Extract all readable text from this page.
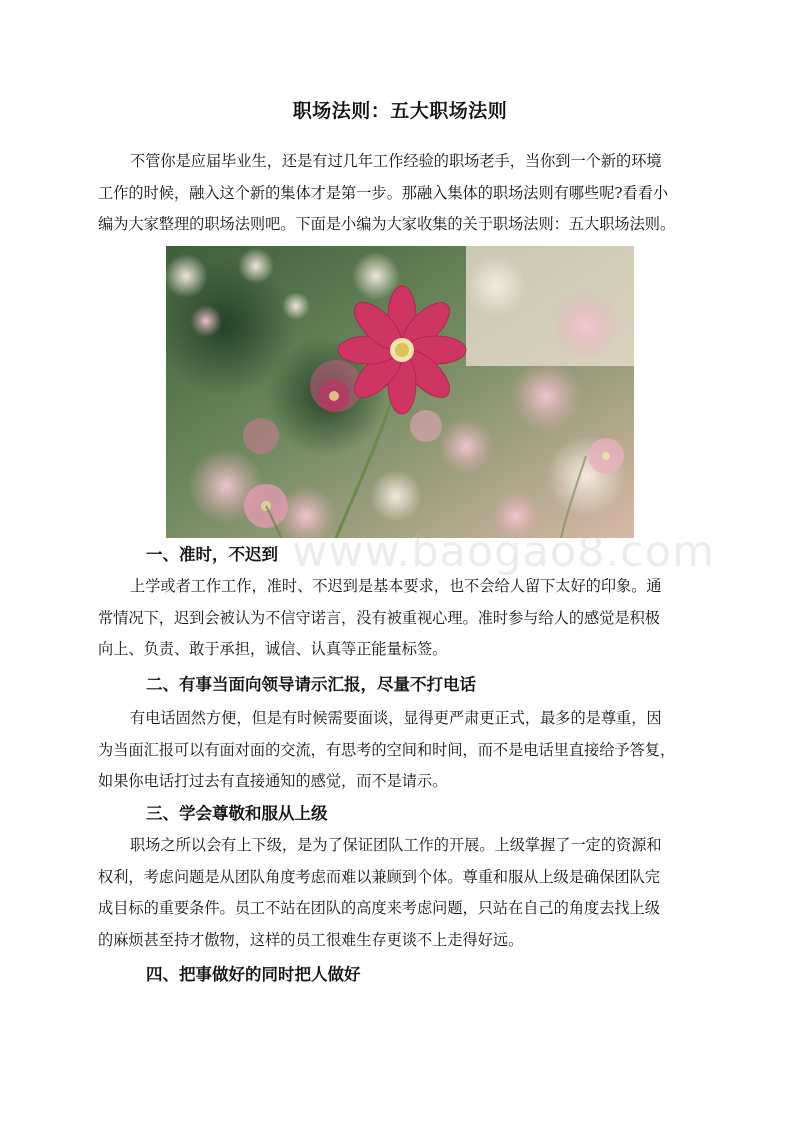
职场法则：五大职场法则
不管你是应届毕业生，还是有过几年工作经验的职场老手，当你到一个新的环境
工作的时候，融入这个新的集体才是第一步。那融入集体的职场法则有哪些呢?看看小
编为大家整理的职场法则吧。下面是小编为大家收集的关于职场法则：五大职场法则。
www.baogao8.com
一、准时，不迟到
上学或者工作工作，准时、不迟到是基本要求，也不会给人留下太好的印象。通
常情况下，迟到会被认为不信守诺言，没有被重视心理。准时参与给人的感觉是积极
向上、负责、敢于承担，诚信、认真等正能量标签。
二、有事当面向领导请示汇报，尽量不打电话
有电话固然方便，但是有时候需要面谈，显得更严肃更正式，最多的是尊重，因
为当面汇报可以有面对面的交流，有思考的空间和时间，而不是电话里直接给予答复，
如果你电话打过去有直接通知的感觉，而不是请示。
三、学会尊敬和服从上级
职场之所以会有上下级，是为了保证团队工作的开展。上级掌握了一定的资源和
权利，考虑问题是从团队角度考虑而难以兼顾到个体。尊重和服从上级是确保团队完
成目标的重要条件。员工不站在团队的高度来考虑问题，只站在自己的角度去找上级
的麻烦甚至持才傲物，这样的员工很难生存更谈不上走得好远。
四、把事做好的同时把人做好
